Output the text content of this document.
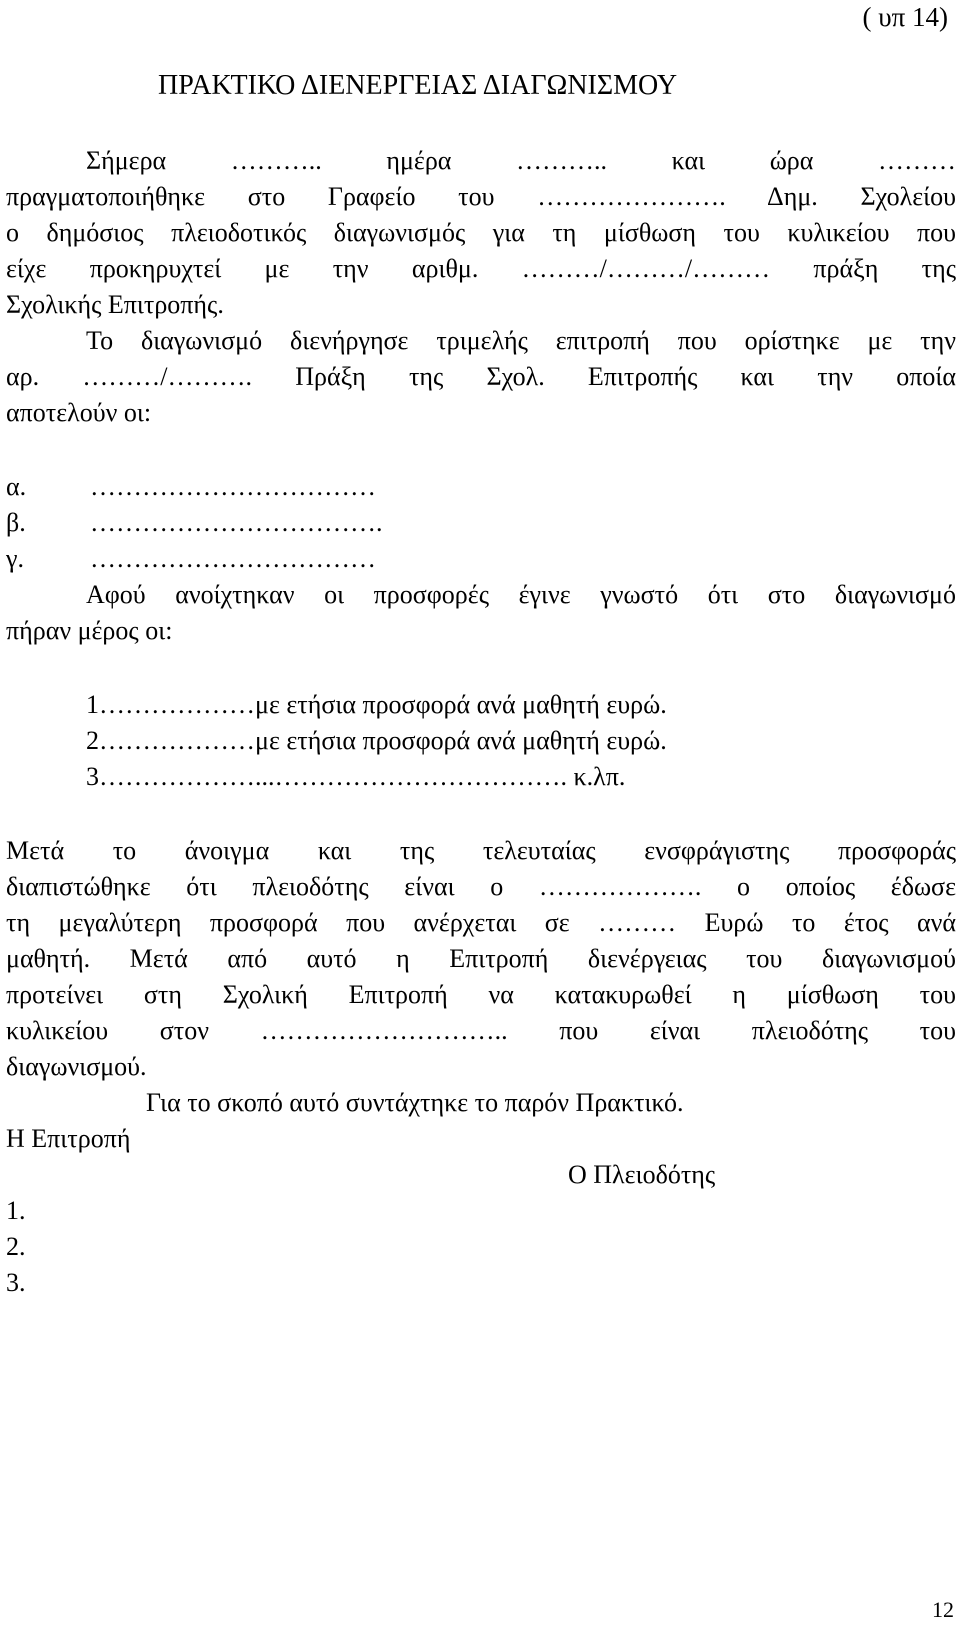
( υπ 14)
ΠΡΑΚΤΙΚΟ ΔΙΕΝΕΡΓΕΙΑΣ ΔΙΑΓΩΝΙΣΜΟΥ
Σήμερα ……….. ημέρα ……….. και ώρα ………
πραγματοποιήθηκε στο Γραφείο του …………………. Δημ. Σχολείου
ο δημόσιος πλειοδοτικός διαγωνισμός για τη μίσθωση του κυλικείου που
είχε προκηρυχτεί με την αριθμ. ………/………/……… πράξη της
Σχολικής Επιτροπής.
Το διαγωνισμό διενήργησε τριμελής επιτροπή που ορίστηκε με την
αρ. ………/………. Πράξη της Σχολ. Επιτροπής και την οποία
αποτελούν οι:
α. ……………………………
β. …………………………….
γ.	……………………………
Αφού ανοίχτηκαν οι προσφορές έγινε γνωστό ότι στο διαγωνισμό
πήραν μέρος οι:
1………………με ετήσια προσφορά ανά μαθητή ευρώ.
2………………με ετήσια προσφορά ανά μαθητή ευρώ.
3………………...……………………………. κ.λπ.
Μετά το άνοιγμα και της τελευταίας ενσφράγιστης προσφοράς
διαπιστώθηκε ότι πλειοδότης είναι ο ………………. ο οποίος έδωσε
τη μεγαλύτερη προσφορά που ανέρχεται σε ……… Ευρώ το έτος ανά
μαθητή. Μετά από αυτό η Επιτροπή διενέργειας του διαγωνισμού
προτείνει στη Σχολική Επιτροπή να κατακυρωθεί η μίσθωση του
κυλικείου στον ……………………….. που είναι πλειοδότης του
διαγωνισμού.
Για το σκοπό αυτό συντάχτηκε το παρόν Πρακτικό.
Η Επιτροπή
Ο Πλειοδότης
1.
2.
3.
12
